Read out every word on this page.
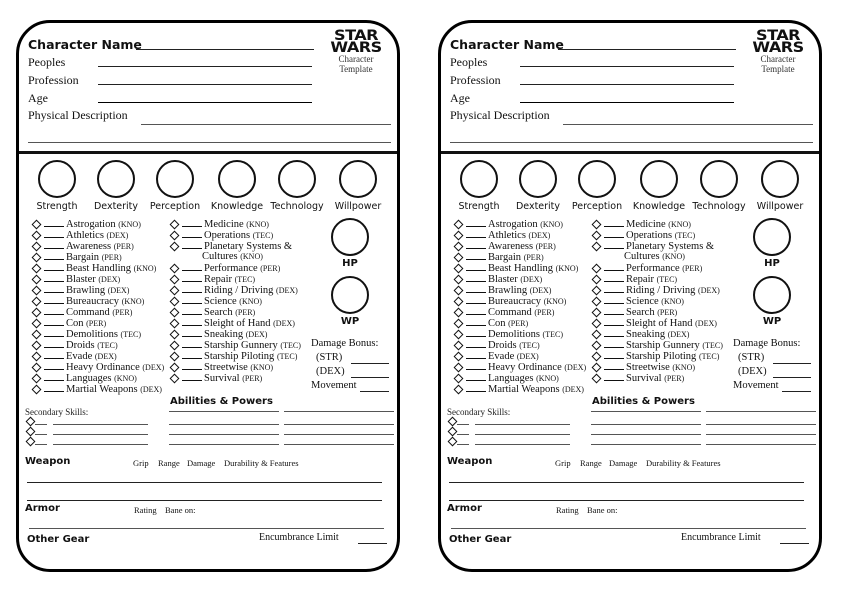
Character Name
Peoples
Profession
Age
Physical Description
STAR
WARS
Character
Template
Strength	Dexterity	Perception	Knowledge Technology	Willpower
Astrogation (KNO)
Athletics (DEX)
Awareness (PER)
Bargain (PER)
Beast Handling (KNO)
Blaster (DEX)
Brawling (DEX)
Bureaucracy (KNO)
Command (PER)
Con (PER)
Demolitions (TEC)
Droids (TEC)
Evade (DEX)
Heavy Ordinance (DEX)
Languages (KNO)
Martial Weapons (DEX)
Medicine (KNO)
Operations (TEC)
Planetary Systems &
Cultures (KNO)
Performance (PER)
Repair (TEC)
Riding / Driving (DEX)
Science (KNO)
Search (PER)
Sleight of Hand (DEX)
Sneaking (DEX)
Starship Gunnery (TEC)
Starship Piloting (TEC)
Streetwise (KNO)
Survival (PER)
HP
WP
Damage Bonus:
(STR)
(DEX)
Movement
Abilities & Powers
Secondary Skills:
Weapon	Grip Range Damage Durability & Features
Armor	Rating Bane on:
Other Gear	Encumbrance Limit
Character Name
Peoples
Profession
Age
Physical Description
STAR
WARS
Character
Template
Strength	Dexterity	Perception	Knowledge Technology	Willpower
Astrogation (KNO)
Athletics (DEX)
Awareness (PER)
Bargain (PER)
Beast Handling (KNO)
Blaster (DEX)
Brawling (DEX)
Bureaucracy (KNO)
Command (PER)
Con (PER)
Demolitions (TEC)
Droids (TEC)
Evade (DEX)
Heavy Ordinance (DEX)
Languages (KNO)
Martial Weapons (DEX)
Medicine (KNO)
Operations (TEC)
Planetary Systems &
Cultures (KNO)
Performance (PER)
Repair (TEC)
Riding / Driving (DEX)
Science (KNO)
Search (PER)
Sleight of Hand (DEX)
Sneaking (DEX)
Starship Gunnery (TEC)
Starship Piloting (TEC)
Streetwise (KNO)
Survival (PER)
HP
WP
Damage Bonus:
(STR)
(DEX)
Movement
Abilities & Powers
Secondary Skills:
Weapon	Grip Range Damage Durability & Features
Armor	Rating Bane on:
Other Gear	Encumbrance Limit
